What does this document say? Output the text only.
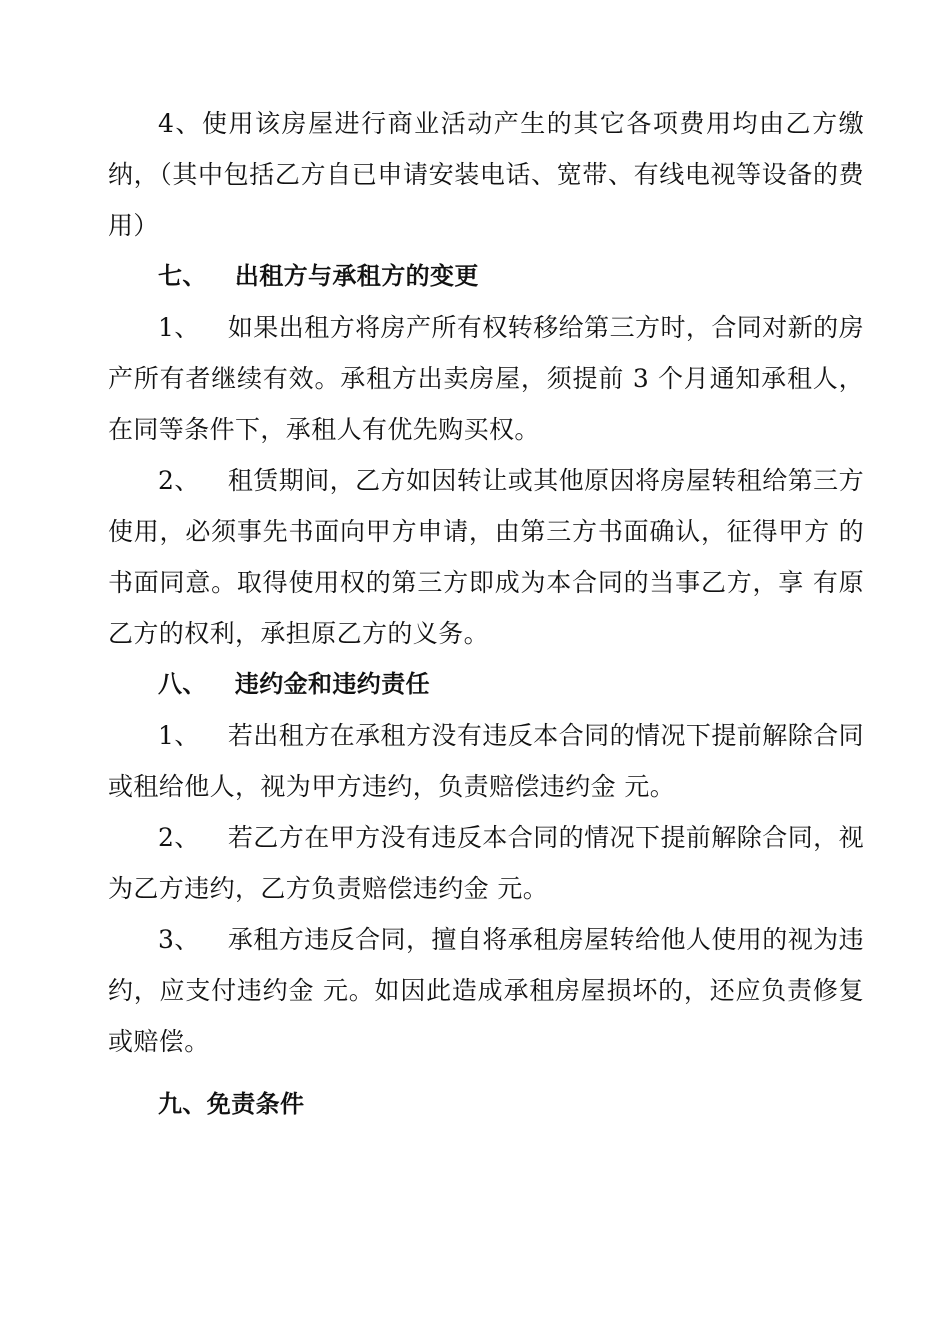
4、使用该房屋进行商业活动产生的其它各项费用均由乙方缴纳，（其中包括乙方自已申请安装电话、宽带、有线电视等设备的费用）

七、 出租方与承租方的变更

1、 如果出租方将房产所有权转移给第三方时，合同对新的房产所有者继续有效。承租方出卖房屋，须提前 3 个月通知承租人，在同等条件下，承租人有优先购买权。

2、 租赁期间，乙方如因转让或其他原因将房屋转租给第三方使用，必须事先书面向甲方申请，由第三方书面确认，征得甲方 的书面同意。取得使用权的第三方即成为本合同的当事乙方，享 有原乙方的权利，承担原乙方的义务。

八、 违约金和违约责任

1、 若出租方在承租方没有违反本合同的情况下提前解除合同或租给他人，视为甲方违约，负责赔偿违约金 元。

2、 若乙方在甲方没有违反本合同的情况下提前解除合同，视为乙方违约，乙方负责赔偿违约金 元。

3、 承租方违反合同，擅自将承租房屋转给他人使用的视为违约，应支付违约金 元。如因此造成承租房屋损坏的，还应负责修复或赔偿。

九、免责条件
